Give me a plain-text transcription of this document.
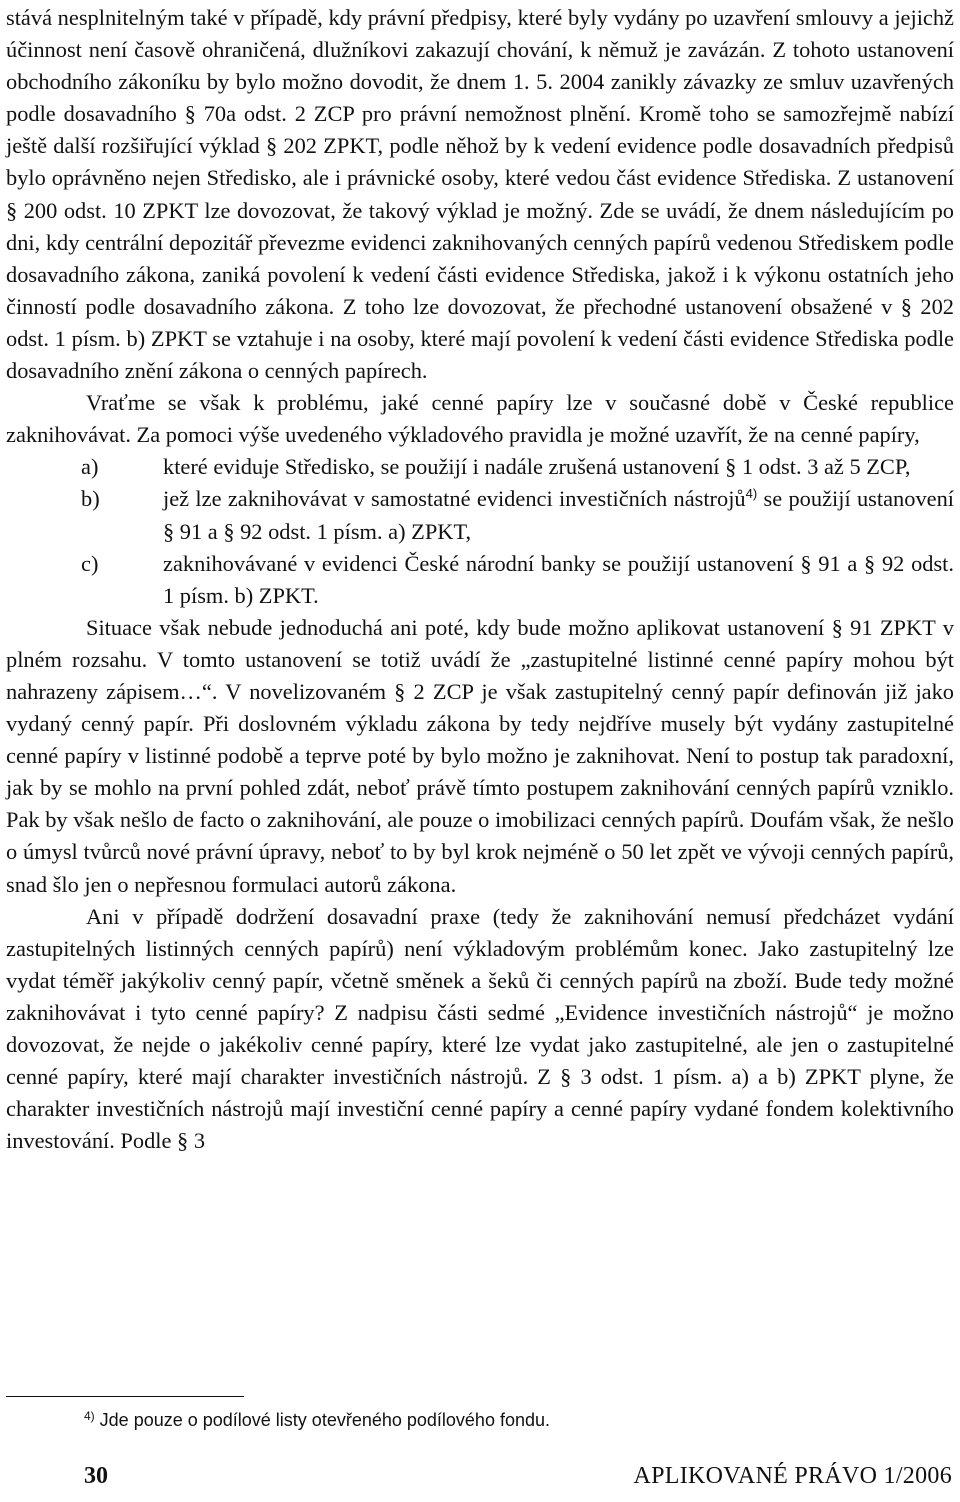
stává nesplnitelným také v případě, kdy právní předpisy, které byly vydány po uzavření smlouvy a jejichž účinnost není časově ohraničená, dlužníkovi zakazují chování, k němuž je zavázán. Z tohoto ustanovení obchodního zákoníku by bylo možno dovodit, že dnem 1. 5. 2004 zanikly závazky ze smluv uzavřených podle dosavadního § 70a odst. 2 ZCP pro právní nemožnost plnění. Kromě toho se samozřejmě nabízí ještě další rozšiřující výklad § 202 ZPKT, podle něhož by k vedení evidence podle dosavadních předpisů bylo oprávněno nejen Středisko, ale i právnické osoby, které vedou část evidence Střediska. Z ustanovení § 200 odst. 10 ZPKT lze dovozovat, že takový výklad je možný. Zde se uvádí, že dnem následujícím po dni, kdy centrální depozitář převezme evidenci zaknihovaných cenných papírů vedenou Střediskem podle dosavadního zákona, zaniká povolení k vedení části evidence Střediska, jakož i k výkonu ostatních jeho činností podle dosavadního zákona. Z toho lze dovozovat, že přechodné ustanovení obsažené v § 202 odst. 1 písm. b) ZPKT se vztahuje i na osoby, které mají povolení k vedení části evidence Střediska podle dosavadního znění zákona o cenných papírech.

Vraťme se však k problému, jaké cenné papíry lze v současné době v České republice zaknihovávat. Za pomoci výše uvedeného výkladového pravidla je možné uzavřít, že na cenné papíry,

a)	které eviduje Středisko, se použijí i nadále zrušená ustanovení § 1 odst. 3 až 5 ZCP,
b)	jež lze zaknihovávat v samostatné evidenci investičních nástrojů$^{4)}$ se použijí ustanovení § 91 a § 92 odst. 1 písm. a) ZPKT,
c)	zaknihovávané v evidenci České národní banky se použijí ustanovení § 91 a § 92 odst. 1 písm. b) ZPKT.

Situace však nebude jednoduchá ani poté, kdy bude možno aplikovat ustanovení § 91 ZPKT v plném rozsahu. V tomto ustanovení se totiž uvádí že „zastupitelné listinné cenné papíry mohou být nahrazeny zápisem…“. V novelizovaném § 2 ZCP je však zastupitelný cenný papír definován již jako vydaný cenný papír. Při doslovném výkladu zákona by tedy nejdříve musely být vydány zastupitelné cenné papíry v listinné podobě a teprve poté by bylo možno je zaknihovat. Není to postup tak paradoxní, jak by se mohlo na první pohled zdát, neboť právě tímto postupem zaknihování cenných papírů vzniklo. Pak by však nešlo de facto o zaknihování, ale pouze o imobilizaci cenných papírů. Doufám však, že nešlo o úmysl tvůrců nové právní úpravy, neboť to by byl krok nejméně o 50 let zpět ve vývoji cenných papírů, snad šlo jen o nepřesnou formulaci autorů zákona.

Ani v případě dodržení dosavadní praxe (tedy že zaknihování nemusí předcházet vydání zastupitelných listinných cenných papírů) není výkladovým problémům konec. Jako zastupitelný lze vydat téměř jakýkoliv cenný papír, včetně směnek a šeků či cenných papírů na zboží. Bude tedy možné zaknihovávat i tyto cenné papíry? Z nadpisu části sedmé „Evidence investičních nástrojů“ je možno dovozovat, že nejde o jakékoliv cenné papíry, které lze vydat jako zastupitelné, ale jen o zastupitelné cenné papíry, které mají charakter investičních nástrojů. Z § 3 odst. 1 písm. a) a b) ZPKT plyne, že charakter investičních nástrojů mají investiční cenné papíry a cenné papíry vydané fondem kolektivního investování. Podle § 3

$^{4)}$ Jde pouze o podílové listy otevřeného podílového fondu.
30	APLIKOVANÉ PRÁVO 1/2006
